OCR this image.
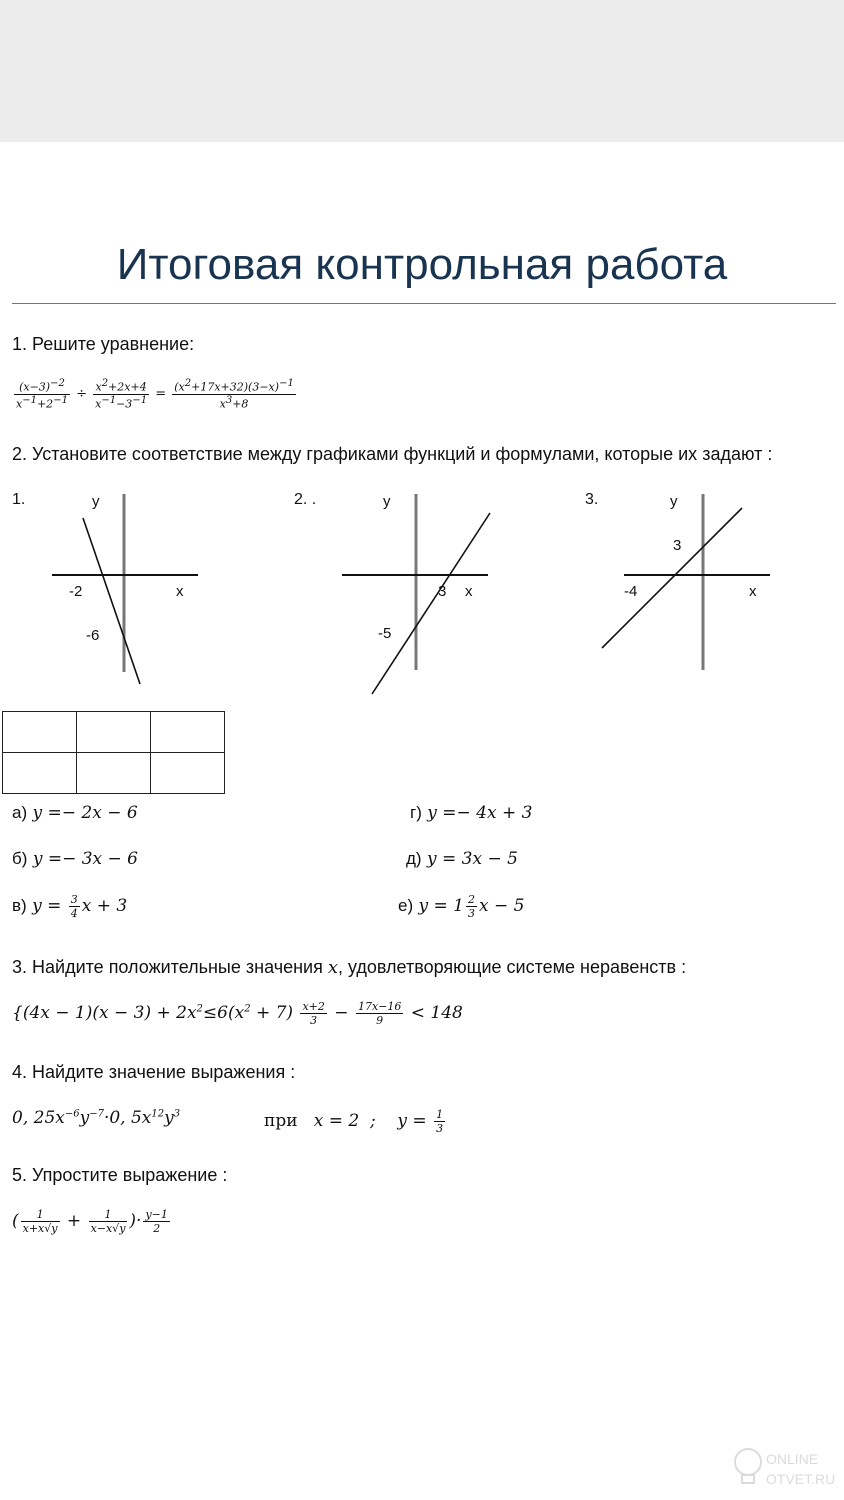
Итоговая контрольная работа
1. Решите уравнение:
$\frac{(x-3)^{-2}}{x^{-1}+2^{-1}} \div \frac{x^2+2x+4}{x^{-1}-3^{-1}} = \frac{(x^2+17x+32)(3-x)^{-1}}{x^3+8}$
2. Установите соответствие между графиками функций и формулами, которые их задают :
1.	2. .	3.
y
x
-2
-6
y
x
3
-5
y
x
-4
3

а) y =− 2x − 6	г) y =− 4x + 3
б) y =− 3x − 6	д) y = 3x − 5
в) $y = \frac{3}{4}$ x + 3	е) $y = 1 \frac{2}{3}$ x − 5
3. Найдите положительные значения x, удовлетворяющие системе неравенств :
{$(4x - 1)(x - 3) + 2x^2\le 6(x^2 + 7) \frac{x+2}{3} - \frac{17x-16}{9} < 148$
4. Найдите значение выражения :
0, $25x^{-6}y^{-7}\cdot 0$, $5x^{12}y^3$	при x = 2 ; $y = \frac{1}{3}$
5. Упростите выражение :
( $\frac{1}{x+x√y} + \frac{1}{x-x√y}$ )· $\frac{y-1}{2}$
ONLINE
OTVET.RU
